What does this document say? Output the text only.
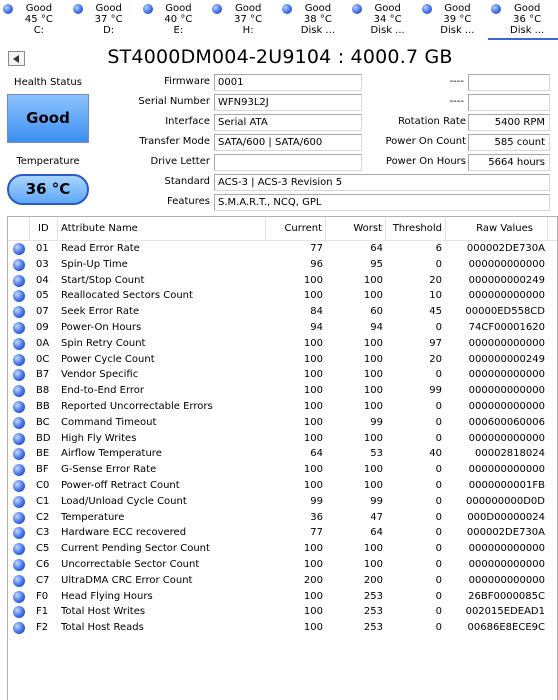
Good
45 °C
C:
Good
37 °C
D:
Good
40 °C
E:
Good
37 °C
H:
Good
38 °C
Disk ...
Good
34 °C
Disk ...
Good
39 °C
Disk ...
Good
36 °C
Disk ...
ST4000DM004-2U9104 : 4000.7 GB
Health Status
Good
Temperature
36 °C
Firmware 0001
Serial Number WFN93L2J
Interface Serial ATA
Transfer Mode SATA/600 | SATA/600
Drive Letter
Standard ACS-3 | ACS-3 Revision 5
Features S.M.A.R.T., NCQ, GPL
----
----
Rotation Rate	5400 RPM
Power On Count	585 count
Power On Hours	5664 hours
ID	Attribute Name	Current	Worst	Threshold	Raw Values
01	Read Error Rate	77	64	6	000002DE730A
03	Spin-Up Time	96	95	0	000000000000
04	Start/Stop Count	100	100	20	000000000249
05	Reallocated Sectors Count	100	100	10	000000000000
07	Seek Error Rate	84	60	45	00000ED558CD
09	Power-On Hours	94	94	0	74CF00001620
0A	Spin Retry Count	100	100	97	000000000000
0C	Power Cycle Count	100	100	20	000000000249
B7	Vendor Specific	100	100	0	000000000000
B8	End-to-End Error	100	100	99	000000000000
BB	Reported Uncorrectable Errors	100	100	0	000000000000
BC	Command Timeout	100	99	0	000600060006
BD	High Fly Writes	100	100	0	000000000000
BE	Airflow Temperature	64	53	40	00002818024
BF	G-Sense Error Rate	100	100	0	000000000000
C0	Power-off Retract Count	100	100	0	0000000001FB
C1	Load/Unload Cycle Count	99	99	0	000000000D0D
C2	Temperature	36	47	0	000D00000024
C3	Hardware ECC recovered	77	64	0	000002DE730A
C5	Current Pending Sector Count	100	100	0	000000000000
C6	Uncorrectable Sector Count	100	100	0	000000000000
C7	UltraDMA CRC Error Count	200	200	0	000000000000
F0	Head Flying Hours	100	253	0	26BF0000085C
F1	Total Host Writes	100	253	0	002015EDEAD1
F2	Total Host Reads	100	253	0	00686E8ECE9C
